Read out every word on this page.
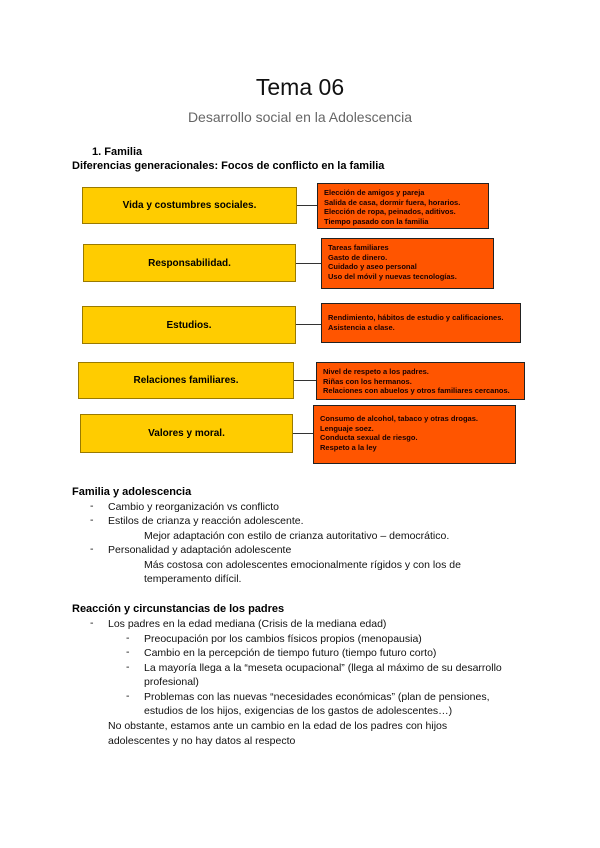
Tema 06
Desarrollo social en la Adolescencia
1. Familia
Diferencias generacionales: Focos de conflicto en la familia
Vida y costumbres sociales.
Elección de amigos y pareja
Salida de casa, dormir fuera, horarios.
Elección de ropa, peinados, aditivos.
Tiempo pasado con la familia
Responsabilidad.
Tareas familiares
Gasto de dinero.
Cuidado y aseo personal
Uso del móvil y nuevas tecnologías.
Estudios.
Rendimiento, hábitos de estudio y calificaciones.
Asistencia a clase.
Relaciones familiares.
Nivel de respeto a los padres.
Riñas con los hermanos.
Relaciones con abuelos y otros familiares cercanos.
Valores y moral.
Consumo de alcohol, tabaco y otras drogas.
Lenguaje soez.
Conducta sexual de riesgo.
Respeto a la ley
Familia y adolescencia
- Cambio y reorganización vs conflicto
- Estilos de crianza y reacción adolescente.
Mejor adaptación con estilo de crianza autoritativo – democrático.
- Personalidad y adaptación adolescente
Más costosa con adolescentes emocionalmente rígidos y con los de
temperamento difícil.
Reacción y circunstancias de los padres
- Los padres en la edad mediana (Crisis de la mediana edad)
- Preocupación por los cambios físicos propios (menopausia)
- Cambio en la percepción de tiempo futuro (tiempo futuro corto)
- La mayoría llega a la “meseta ocupacional” (llega al máximo de su desarrollo
profesional)
- Problemas con las nuevas “necesidades económicas” (plan de pensiones,
estudios de los hijos, exigencias de los gastos de adolescentes…)
No obstante, estamos ante un cambio en la edad de los padres con hijos
adolescentes y no hay datos al respecto
